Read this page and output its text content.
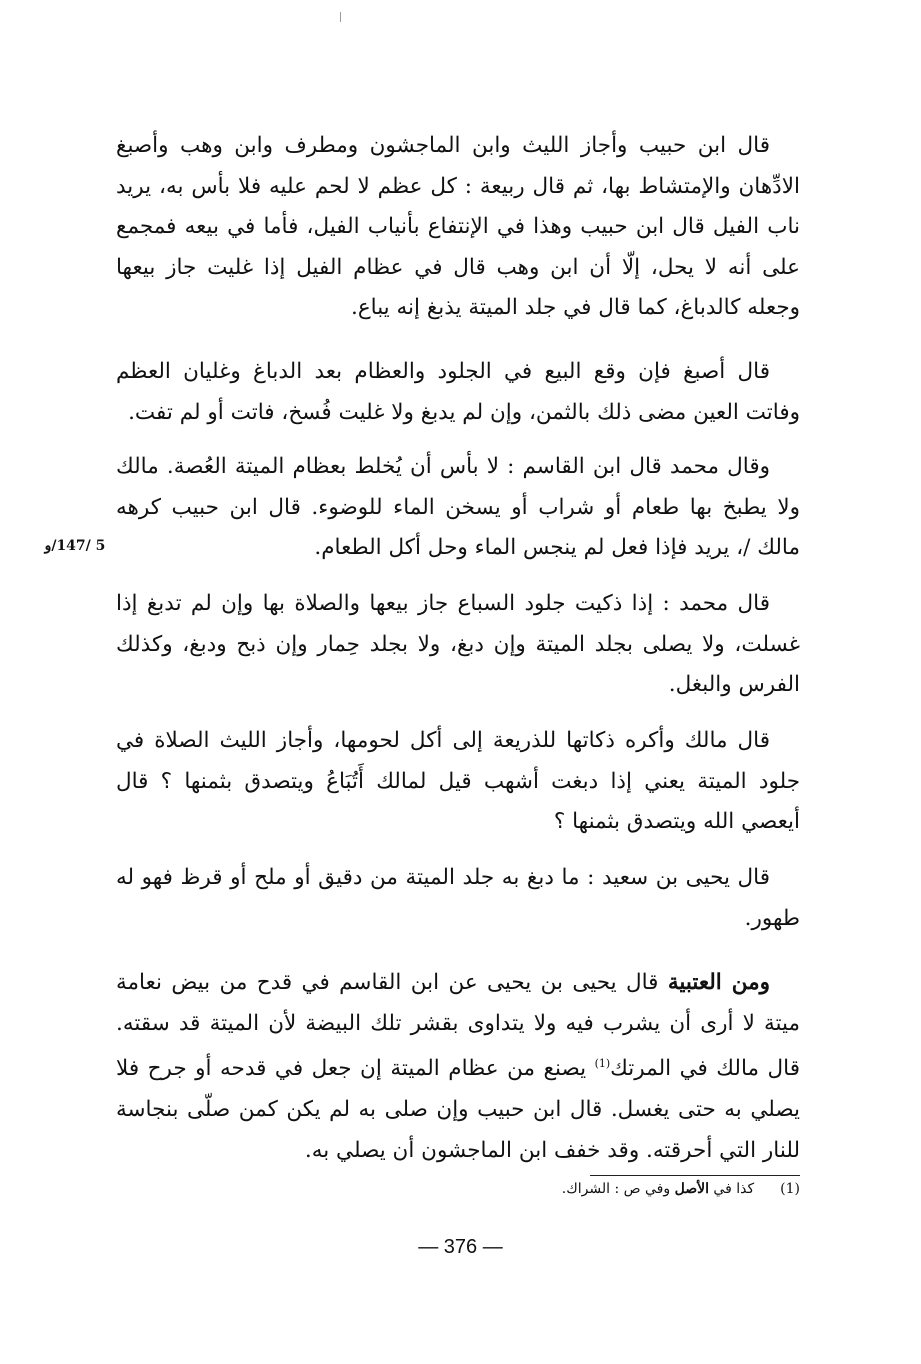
قال ابن حبيب وأجاز الليث وابن الماجشون ومطرف وابن وهب وأصبغ الادِّهان والإمتشاط بها، ثم قال ربيعة : كل عظم لا لحم عليه فلا بأس به، يريد ناب الفيل قال ابن حبيب وهذا في الإنتفاع بأنياب الفيل، فأما في بيعه فمجمع على أنه لا يحل، إلّا أن ابن وهب قال في عظام الفيل إذا غليت جاز بيعها وجعله كالدباغ، كما قال في جلد الميتة يذبغ إنه يباع.

قال أصبغ فإن وقع البيع في الجلود والعظام بعد الدباغ وغليان العظم وفاتت العين مضى ذلك بالثمن، وإن لم يدبغ ولا غليت فُسخ، فاتت أو لم تفت.

وقال محمد قال ابن القاسم : لا بأس أن يُخلط بعظام الميتة العُصة. مالك ولا يطبخ بها طعام أو شراب أو يسخن الماء للوضوء. قال ابن حبيب كرهه مالك /، يريد فإذا فعل لم ينجس الماء وحل أكل الطعام.

قال محمد : إذا ذكيت جلود السباع جاز بيعها والصلاة بها وإن لم تدبغ إذا غسلت، ولا يصلى بجلد الميتة وإن دبغ، ولا بجلد حِمار وإن ذبح ودبغ، وكذلك الفرس والبغل.

قال مالك وأكره ذكاتها للذريعة إلى أكل لحومها، وأجاز الليث الصلاة في جلود الميتة يعني إذا دبغت أشهب قيل لمالك أَتُبَاعُ ويتصدق بثمنها ؟ قال أيعصي الله ويتصدق بثمنها ؟

قال يحيى بن سعيد : ما دبغ به جلد الميتة من دقيق أو ملح أو قرظ فهو له طهور.

ومن العتبية قال يحيى بن يحيى عن ابن القاسم في قدح من بيض نعامة ميتة لا أرى أن يشرب فيه ولا يتداوى بقشر تلك البيضة لأن الميتة قد سقته. قال مالك في المرتك$^{(1)}$ يصنع من عظام الميتة إن جعل في قدحه أو جرح فلا يصلي به حتى يغسل. قال ابن حبيب وإن صلى به لم يكن كمن صلّى بنجاسة للنار التي أحرقته. وقد خفف ابن الماجشون أن يصلي به.

5 /147/و
(1)كذا في الأصل وفي ص : الشراك.
— 376 —
